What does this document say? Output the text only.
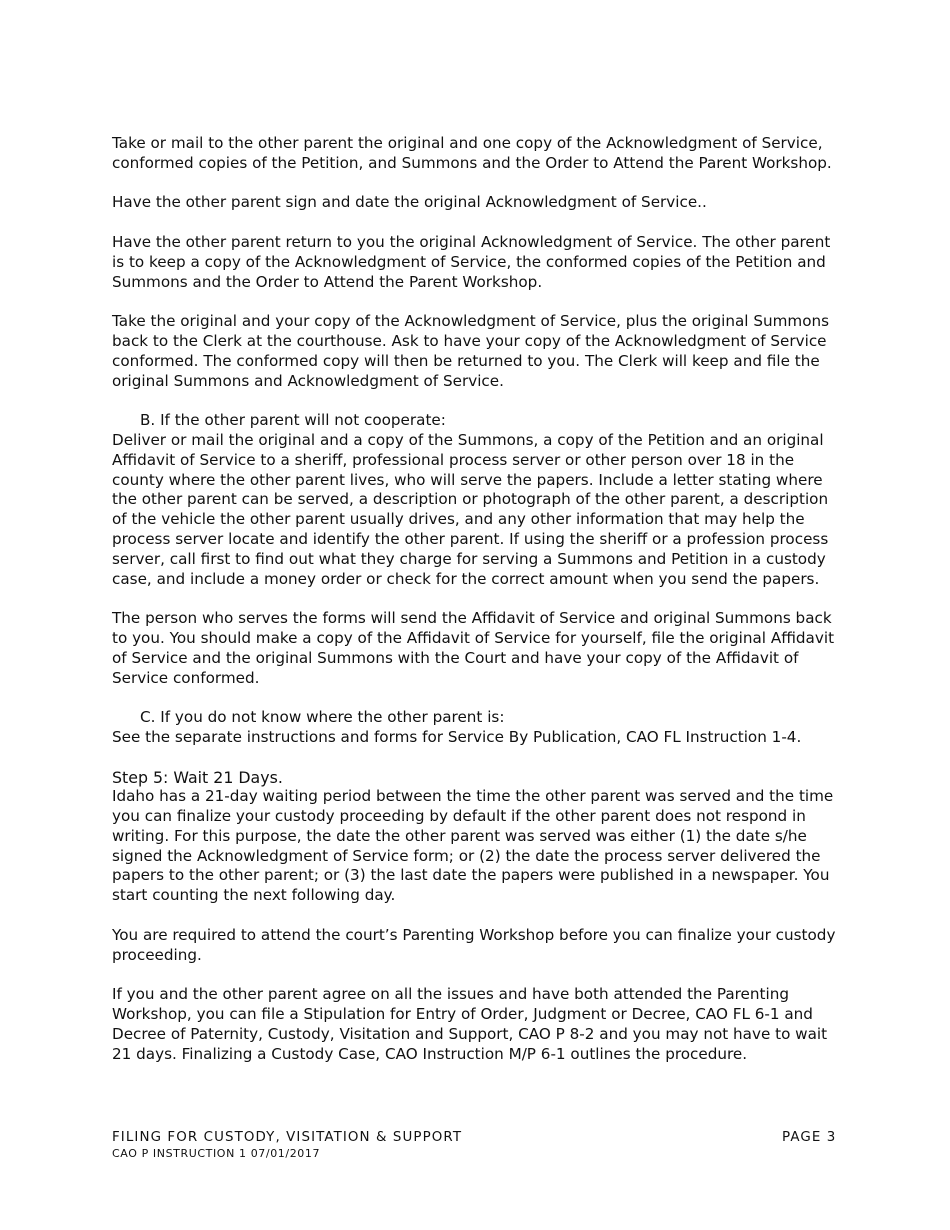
Take or mail to the other parent the original and one copy of the Acknowledgment of Service, conformed copies of the Petition, and Summons and the Order to Attend the Parent Workshop.

Have the other parent sign and date the original Acknowledgment of Service..

Have the other parent return to you the original Acknowledgment of Service. The other parent is to keep a copy of the Acknowledgment of Service, the conformed copies of the Petition and Summons and the Order to Attend the Parent Workshop.

Take the original and your copy of the Acknowledgment of Service, plus the original Summons back to the Clerk at the courthouse. Ask to have your copy of the Acknowledgment of Service conformed. The conformed copy will then be returned to you. The Clerk will keep and file the original Summons and Acknowledgment of Service.

B. If the other parent will not cooperate:

Deliver or mail the original and a copy of the Summons, a copy of the Petition and an original Affidavit of Service to a sheriff, professional process server or other person over 18 in the county where the other parent lives, who will serve the papers. Include a letter stating where the other parent can be served, a description or photograph of the other parent, a description of the vehicle the other parent usually drives, and any other information that may help the process server locate and identify the other parent. If using the sheriff or a profession process server, call first to find out what they charge for serving a Summons and Petition in a custody case, and include a money order or check for the correct amount when you send the papers.

The person who serves the forms will send the Affidavit of Service and original Summons back to you. You should make a copy of the Affidavit of Service for yourself, file the original Affidavit of Service and the original Summons with the Court and have your copy of the Affidavit of Service conformed.

C. If you do not know where the other parent is:

See the separate instructions and forms for Service By Publication, CAO FL Instruction 1-4.

Step 5: Wait 21 Days.

Idaho has a 21-day waiting period between the time the other parent was served and the time you can finalize your custody proceeding by default if the other parent does not respond in writing. For this purpose, the date the other parent was served was either (1) the date s/he signed the Acknowledgment of Service form; or (2) the date the process server delivered the papers to the other parent; or (3) the last date the papers were published in a newspaper. You start counting the next following day.

You are required to attend the court’s Parenting Workshop before you can finalize your custody proceeding.

If you and the other parent agree on all the issues and have both attended the Parenting Workshop, you can file a Stipulation for Entry of Order, Judgment or Decree, CAO FL 6-1 and Decree of Paternity, Custody, Visitation and Support, CAO P 8-2 and you may not have to wait 21 days. Finalizing a Custody Case, CAO Instruction M/P 6-1 outlines the procedure.

FILING FOR CUSTODY, VISITATION & SUPPORT
CAO P INSTRUCTION 1 07/01/2017
PAGE 3
